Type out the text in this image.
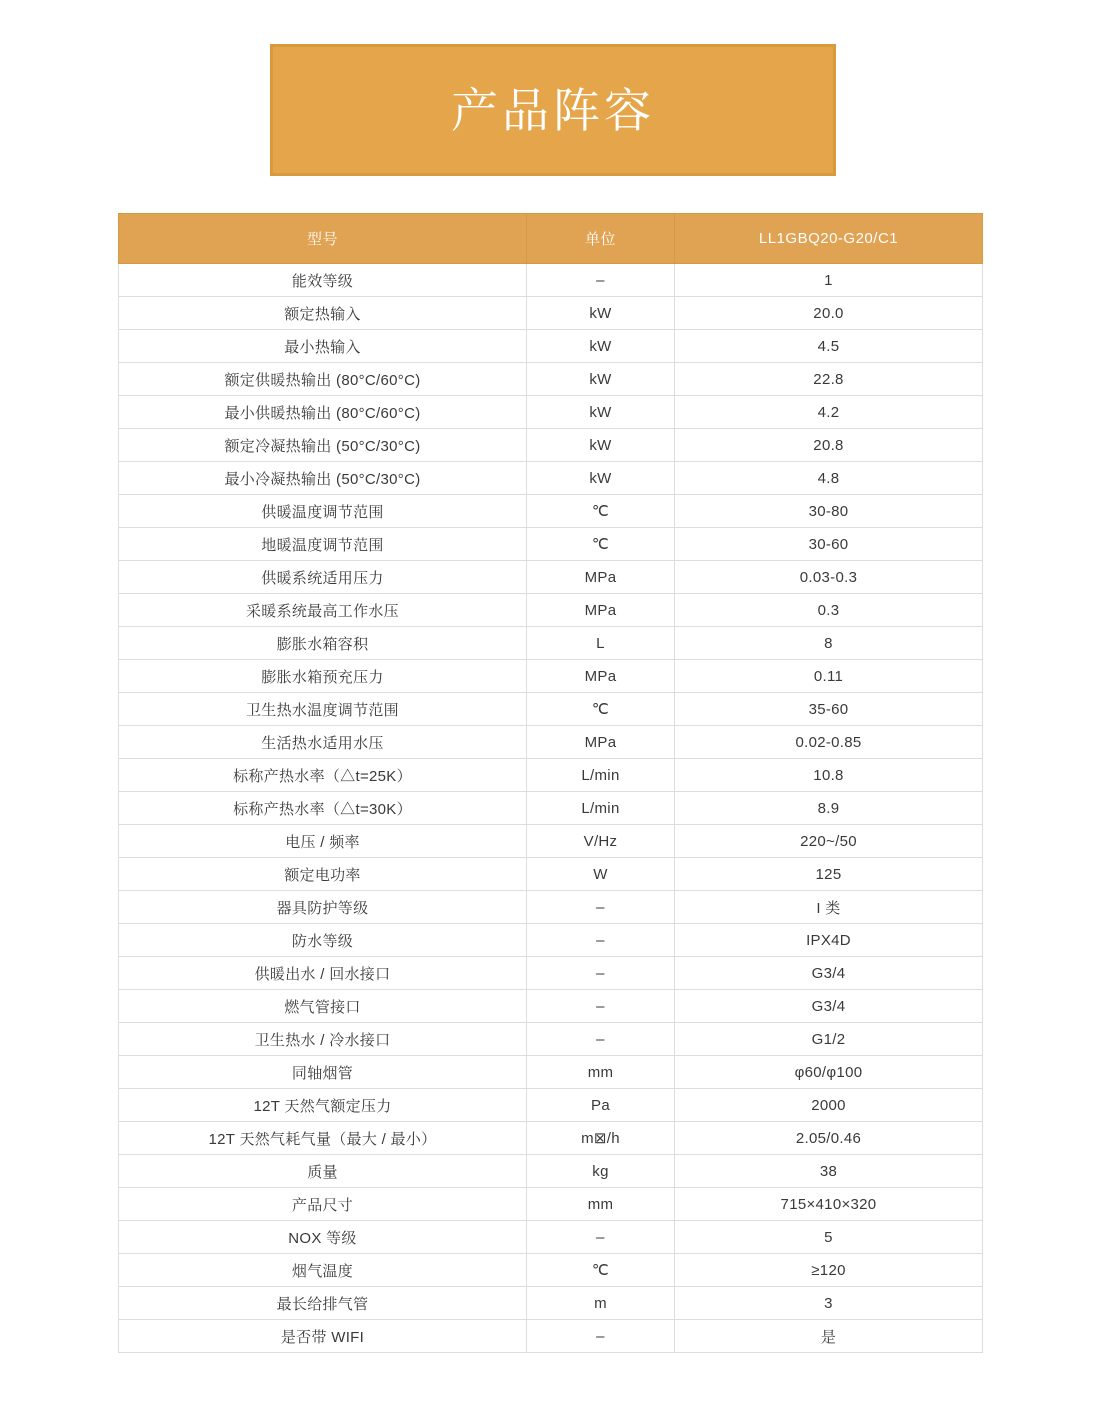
产品阵容
型号	单位	LL1GBQ20-G20/C1
能效等级	–	1
额定热输入	kW	20.0
最小热输入	kW	4.5
额定供暖热输出 (80°C/60°C)	kW	22.8
最小供暖热输出 (80°C/60°C)	kW	4.2
额定冷凝热输出 (50°C/30°C)	kW	20.8
最小冷凝热输出 (50°C/30°C)	kW	4.8
供暖温度调节范围	℃	30-80
地暖温度调节范围	℃	30-60
供暖系统适用压力	MPa	0.03-0.3
采暖系统最高工作水压	MPa	0.3
膨胀水箱容积	L	8
膨胀水箱预充压力	MPa	0.11
卫生热水温度调节范围	℃	35-60
生活热水适用水压	MPa	0.02-0.85
标称产热水率（△t=25K）	L/min	10.8
标称产热水率（△t=30K）	L/min	8.9
电压 / 频率	V/Hz	220~/50
额定电功率	W	125
器具防护等级	–	I 类
防水等级	–	IPX4D
供暖出水 / 回水接口	–	G3/4
燃气管接口	–	G3/4
卫生热水 / 冷水接口	–	G1/2
同轴烟管	mm	φ60/φ100
12T 天然气额定压力	Pa	2000
12T 天然气耗气量（最大 / 最小）	m⊠/h	2.05/0.46
质量	kg	38
产品尺寸	mm	715×410×320
NOX 等级	–	5
烟气温度	℃	≥120
最长给排气管	m	3
是否带 WIFI	–	是
